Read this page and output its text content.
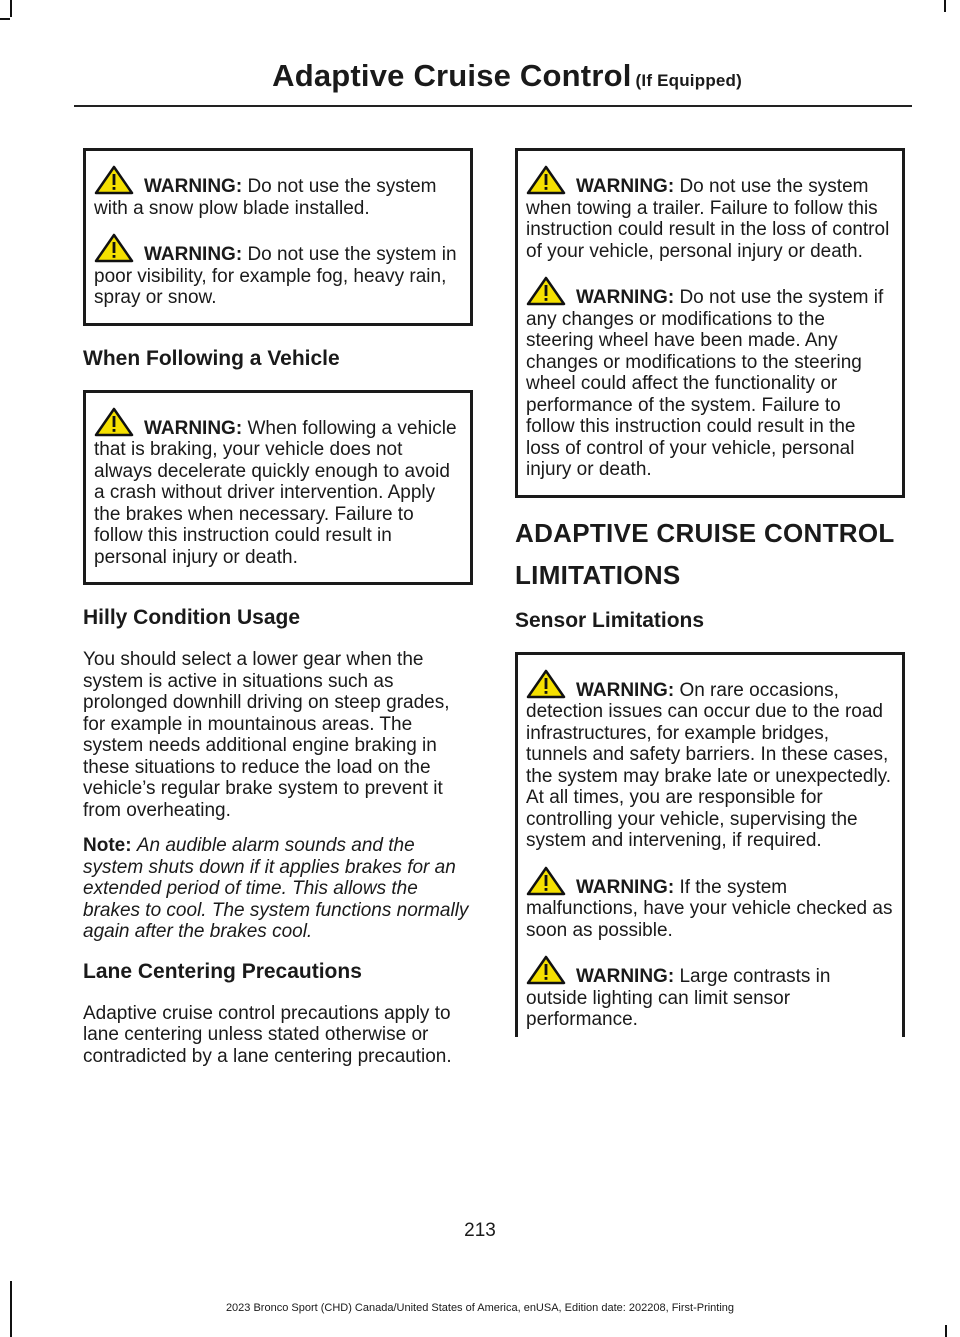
Adaptive Cruise Control (If Equipped)

WARNING: Do not use the system with a snow plow blade installed.

WARNING: Do not use the system in poor visibility, for example fog, heavy rain, spray or snow.

When Following a Vehicle

WARNING: When following a vehicle that is braking, your vehicle does not always decelerate quickly enough to avoid a crash without driver intervention. Apply the brakes when necessary. Failure to follow this instruction could result in personal injury or death.

Hilly Condition Usage

You should select a lower gear when the system is active in situations such as prolonged downhill driving on steep grades, for example in mountainous areas. The system needs additional engine braking in these situations to reduce the load on the vehicle’s regular brake system to prevent it from overheating.

Note: An audible alarm sounds and the system shuts down if it applies brakes for an extended period of time. This allows the brakes to cool. The system functions normally again after the brakes cool.

Lane Centering Precautions

Adaptive cruise control precautions apply to lane centering unless stated otherwise or contradicted by a lane centering precaution.

WARNING: Do not use the system when towing a trailer. Failure to follow this instruction could result in the loss of control of your vehicle, personal injury or death.

WARNING: Do not use the system if any changes or modifications to the steering wheel have been made. Any changes or modifications to the steering wheel could affect the functionality or performance of the system. Failure to follow this instruction could result in the loss of control of your vehicle, personal injury or death.

ADAPTIVE CRUISE CONTROL
LIMITATIONS
Sensor Limitations

WARNING: On rare occasions, detection issues can occur due to the road infrastructures, for example bridges, tunnels and safety barriers. In these cases, the system may brake late or unexpectedly. At all times, you are responsible for controlling your vehicle, supervising the system and intervening, if required.

WARNING: If the system malfunctions, have your vehicle checked as soon as possible.

WARNING: Large contrasts in outside lighting can limit sensor performance.

213
2023 Bronco Sport (CHD) Canada/United States of America, enUSA, Edition date: 202208, First-Printing
